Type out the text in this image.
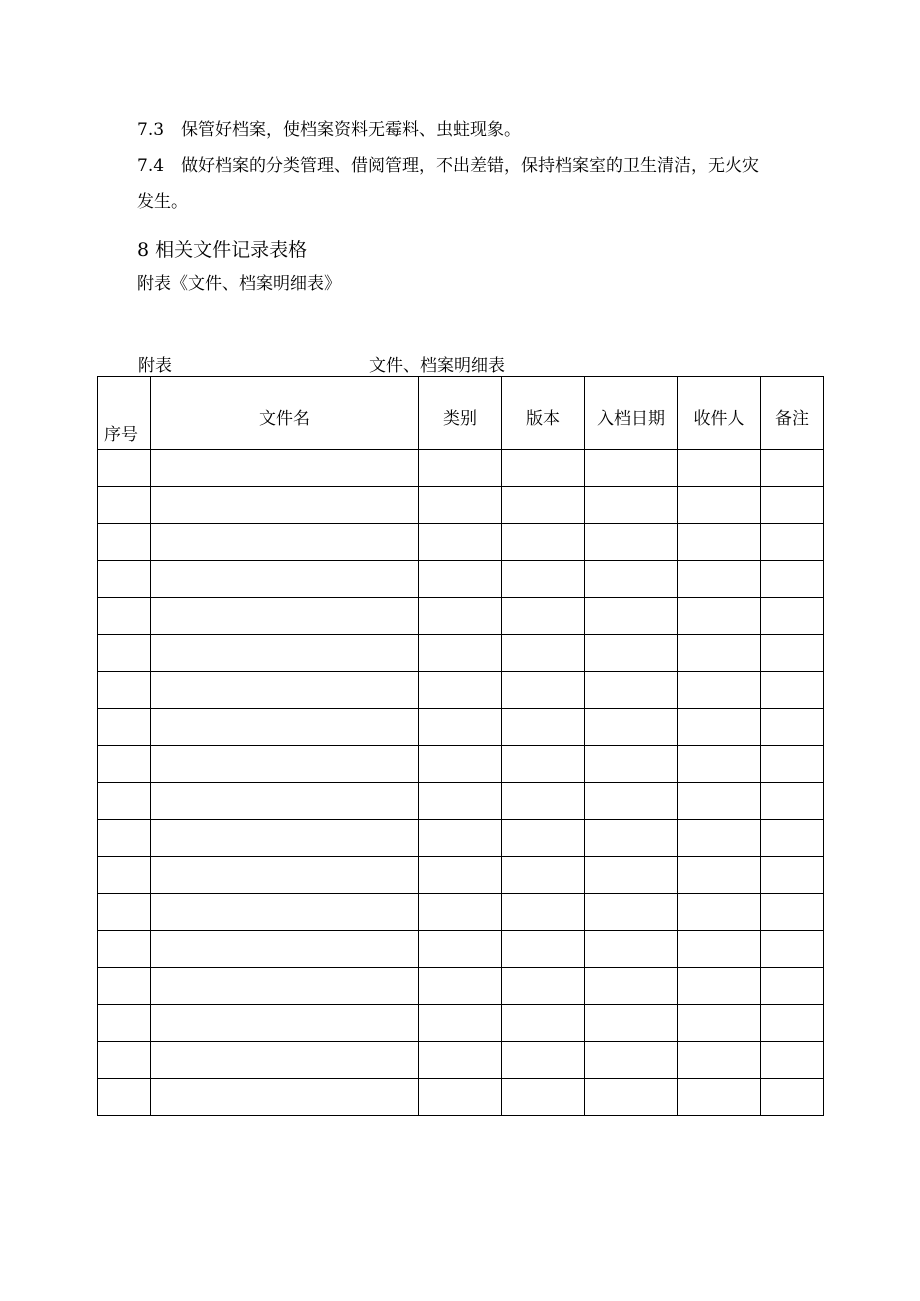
7.3 保管好档案，使档案资料无霉料、虫蛀现象。
7.4 做好档案的分类管理、借阅管理，不出差错，保持档案室的卫生清洁，无火灾
发生。
8 相关文件记录表格
附表《文件、档案明细表》
附表	文件、档案明细表
序号	文件名	类别	版本	入档日期	收件人	备注
